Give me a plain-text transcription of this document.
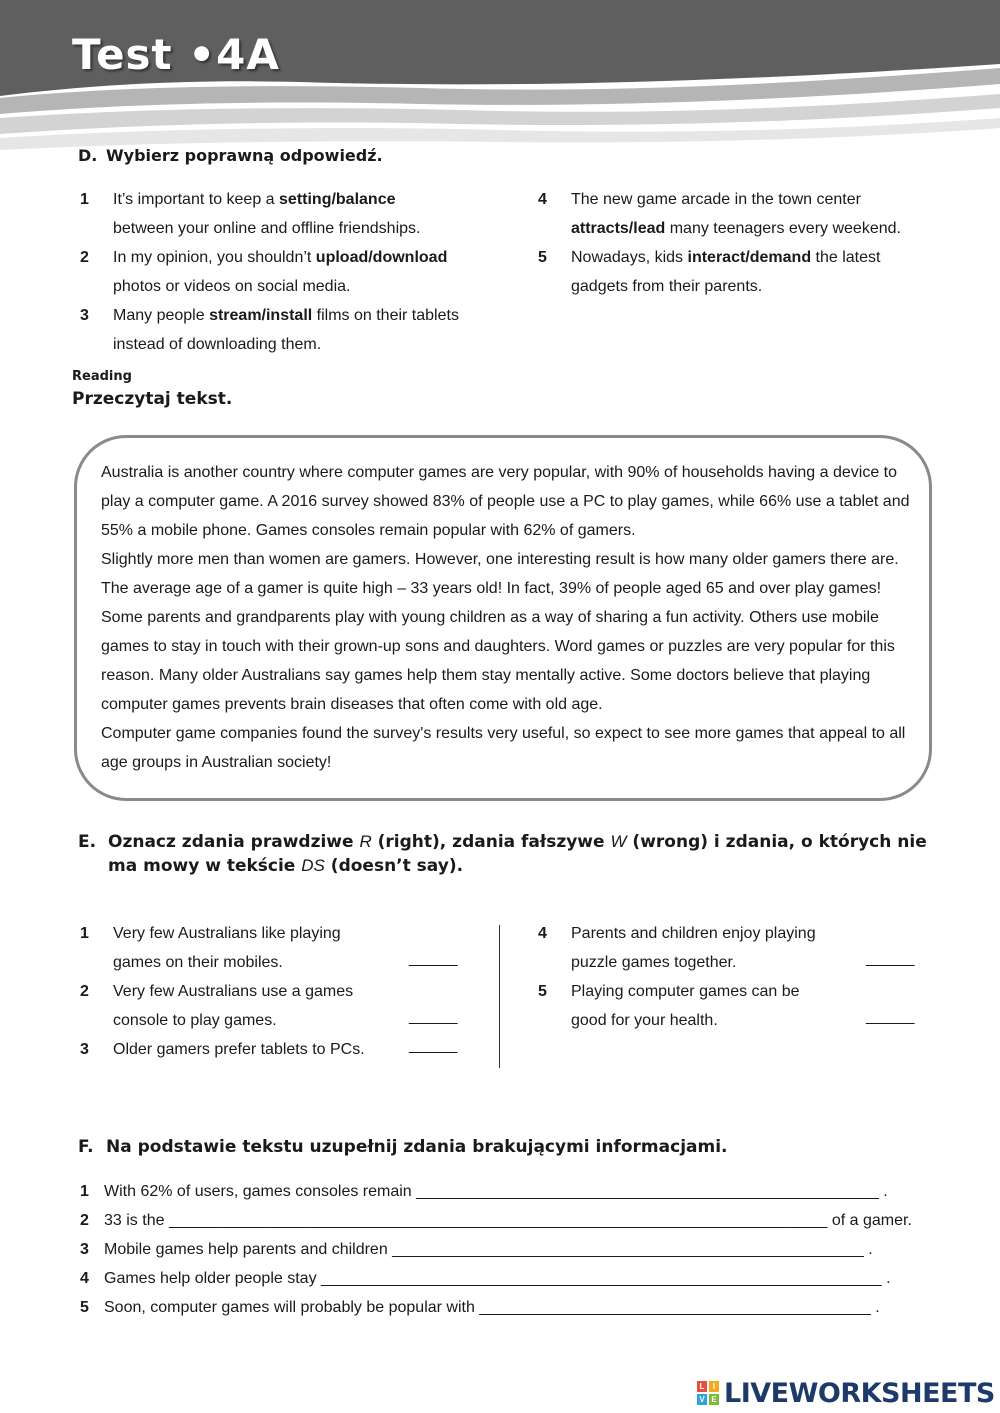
Test •4A
D. Wybierz poprawną odpowiedź.
1	It’s important to keep a setting/balance
between your online and offline friendships.
2	In my opinion, you shouldn’t upload/download
photos or videos on social media.
3	Many people stream/install films on their tablets
instead of downloading them.
4	The new game arcade in the town center
attracts/lead many teenagers every weekend.
5	Nowadays, kids interact/demand the latest
gadgets from their parents.
Reading
Przeczytaj tekst.

Australia is another country where computer games are very popular, with 90% of households having a device to play a computer game. A 2016 survey showed 83% of people use a PC to play games, while 66% use a tablet and 55% a mobile phone. Games consoles remain popular with 62% of gamers.
Slightly more men than women are gamers. However, one interesting result is how many older gamers there are. The average age of a gamer is quite high – 33 years old! In fact, 39% of people aged 65 and over play games! Some parents and grandparents play with young children as a way of sharing a fun activity. Others use mobile games to stay in touch with their grown-up sons and daughters. Word games or puzzles are very popular for this reason. Many older Australians say games help them stay mentally active. Some doctors believe that playing computer games prevents brain diseases that often come with old age.
Computer game companies found the survey's results very useful, so expect to see more games that appeal to all age groups in Australian society!

E. Oznacz zdania prawdziwe R (right), zdania fałszywe W (wrong) i zdania, o których nie ma mowy w tekście DS (doesn’t say).
1	Very few Australians like playing
games on their mobiles.	______
2	Very few Australians use a games
console to play games.	______
3	Older gamers prefer tablets to PCs.	______
4	Parents and children enjoy playing
puzzle games together.	______
5	Playing computer games can be
good for your health.	______
F. Na podstawie tekstu uzupełnij zdania brakującymi informacjami.
1 With 62% of users, games consoles remain ____________________________________________________ .
2 33 is the __________________________________________________________________________ of a gamer.
3 Mobile games help parents and children _____________________________________________________ .
4 Games help older people stay _______________________________________________________________ .
5 Soon, computer games will probably be popular with ____________________________________________ .
L	I
V E LIVEWORKSHEETS
